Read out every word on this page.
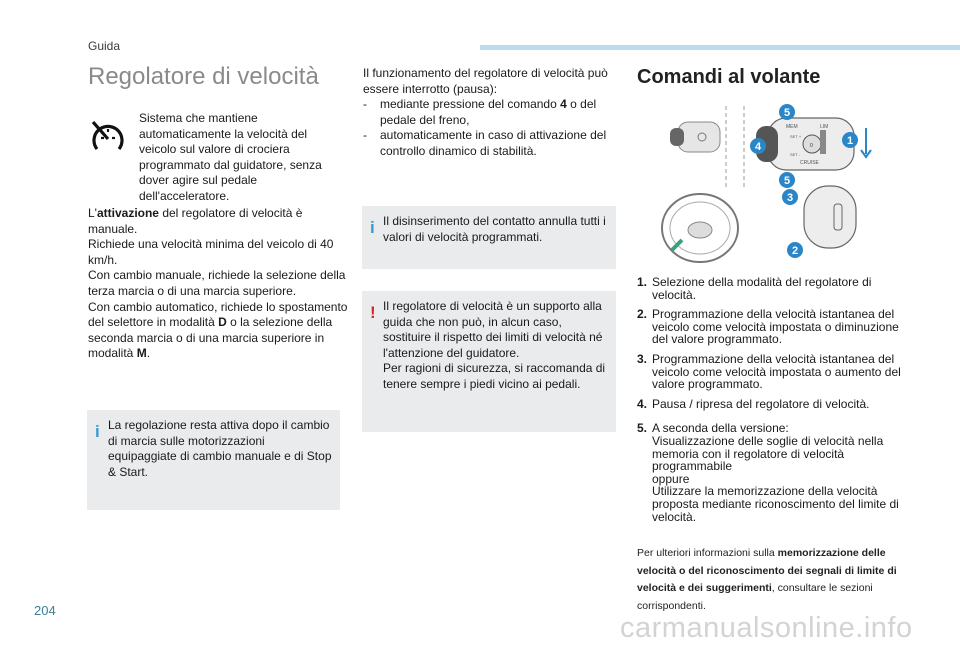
Guida
Regolatore di velocità
Sistema che mantiene automaticamente la velocità del veicolo sul valore di crociera programmato dal guidatore, senza dover agire sul pedale dell'acceleratore.

L'attivazione del regolatore di velocità è manuale.

Richiede una velocità minima del veicolo di 40 km/h.

Con cambio manuale, richiede la selezione della terza marcia o di una marcia superiore.

Con cambio automatico, richiede lo spostamento del selettore in modalità D o la selezione della seconda marcia o di una marcia superiore in modalità M.

i La regolazione resta attiva dopo il cambio di marcia sulle motorizzazioni equipaggiate di cambio manuale e di Stop & Start.
Il funzionamento del regolatore di velocità può essere interrotto (pausa):
-	mediante pressione del comando 4 o del pedale del freno,
-	automaticamente in caso di attivazione del controllo dinamico di stabilità.
i Il disinserimento del contatto annulla tutti i valori di velocità programmati.
! Il regolatore di velocità è un supporto alla guida che non può, in alcun caso, sostituire il rispetto dei limiti di velocità né l'attenzione del guidatore.
Per ragioni di sicurezza, si raccomanda di tenere sempre i piedi vicino ai pedali.
Comandi al volante
MEM	LIM
CRUISE
SET +
SET -
0
5
1
4
5
3
2
1. Selezione della modalità del regolatore di velocità.
2. Programmazione della velocità istantanea del veicolo come velocità impostata o diminuzione del valore programmato.
3. Programmazione della velocità istantanea del veicolo come velocità impostata o aumento del valore programmato.
4. Pausa / ripresa del regolatore di velocità.
5. A seconda della versione:
Visualizzazione delle soglie di velocità nella memoria con il regolatore di velocità programmabile
oppure
Utilizzare la memorizzazione della velocità proposta mediante riconoscimento del limite di velocità.
Per ulteriori informazioni sulla memorizzazione delle velocità o del riconoscimento dei segnali di limite di velocità e dei suggerimenti, consultare le sezioni corrispondenti.
204
carmanualsonline.info
